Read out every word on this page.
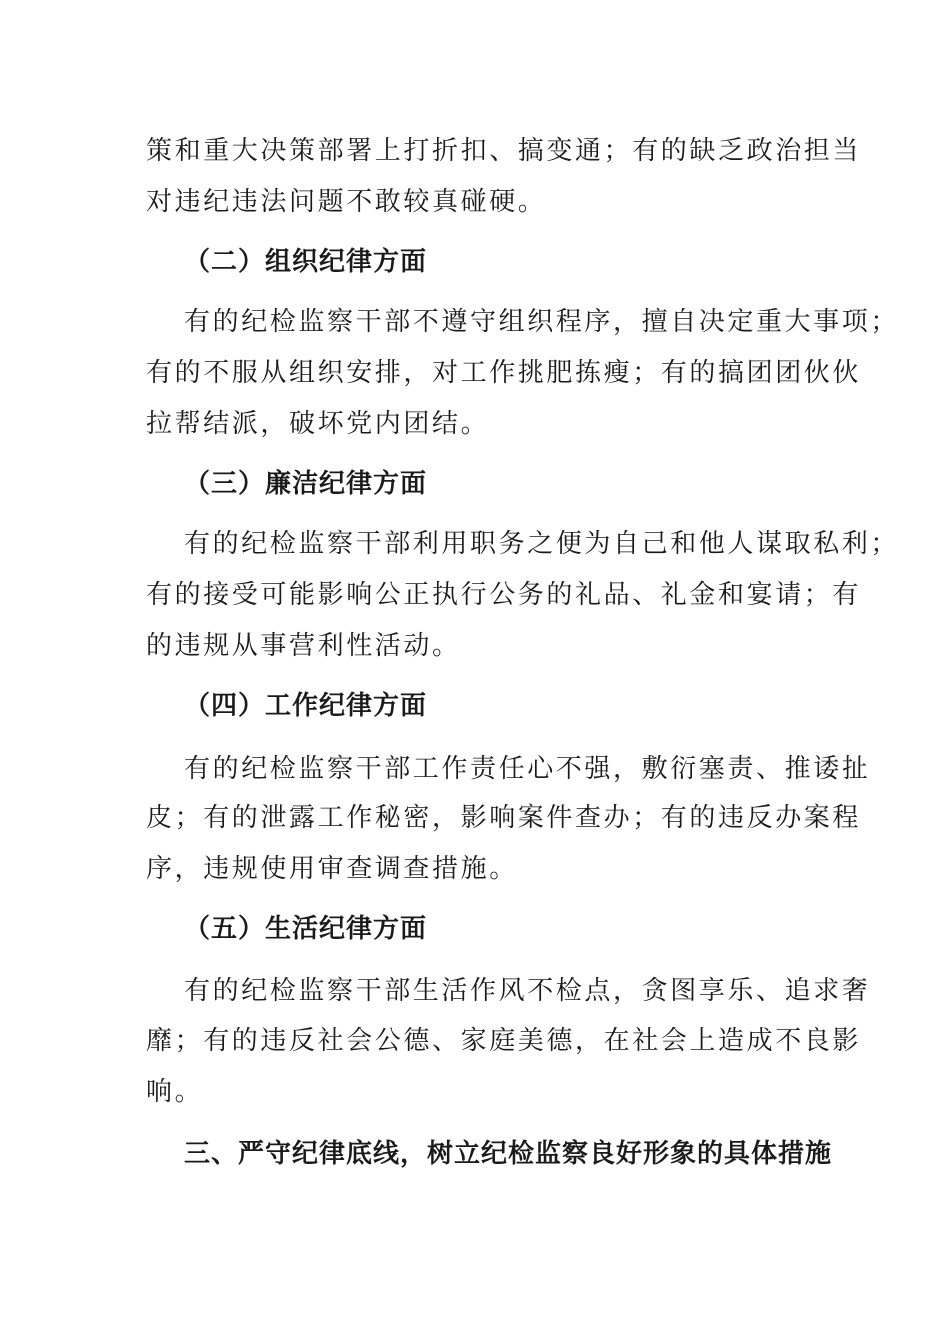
策和重大决策部署上打折扣、搞变通；有的缺乏政治担当
对违纪违法问题不敢较真碰硬。
（二）组织纪律方面
有的纪检监察干部不遵守组织程序，擅自决定重大事项；
有的不服从组织安排，对工作挑肥拣瘦；有的搞团团伙伙
拉帮结派，破坏党内团结。
（三）廉洁纪律方面
有的纪检监察干部利用职务之便为自己和他人谋取私利；
有的接受可能影响公正执行公务的礼品、礼金和宴请；有
的违规从事营利性活动。
（四）工作纪律方面
有的纪检监察干部工作责任心不强，敷衍塞责、推诿扯
皮；有的泄露工作秘密，影响案件查办；有的违反办案程
序，违规使用审查调查措施。
（五）生活纪律方面
有的纪检监察干部生活作风不检点，贪图享乐、追求奢
靡；有的违反社会公德、家庭美德，在社会上造成不良影
响。
三、严守纪律底线，树立纪检监察良好形象的具体措施
